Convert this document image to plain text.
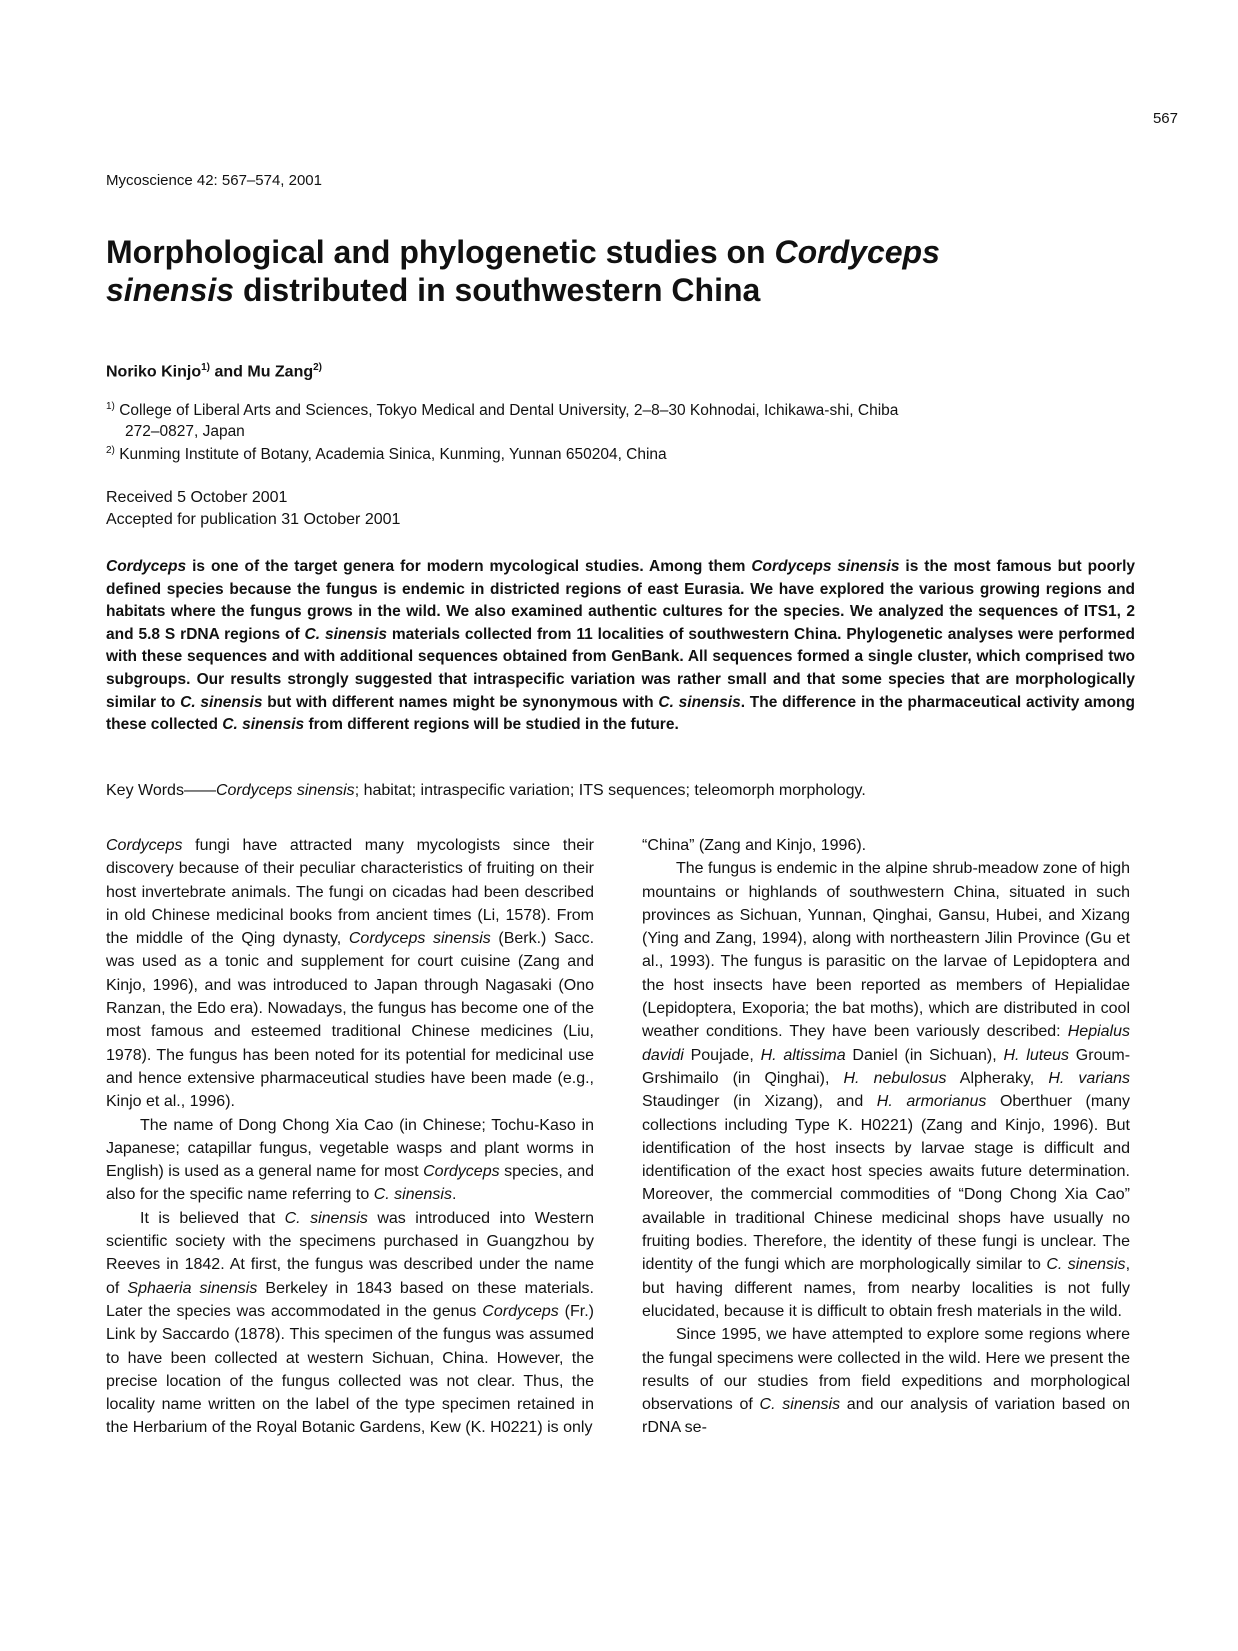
567
Mycoscience 42: 567–574, 2001
Morphological and phylogenetic studies on Cordyceps
sinensis distributed in southwestern China
Noriko Kinjo$^{1)}$ and Mu Zang$^{2)}$
$^{1)}$ College of Liberal Arts and Sciences, Tokyo Medical and Dental University, 2–8–30 Kohnodai, Ichikawa-shi, Chiba
272–0827, Japan
$^{2)}$ Kunming Institute of Botany, Academia Sinica, Kunming, Yunnan 650204, China
Received 5 October 2001
Accepted for publication 31 October 2001
Cordyceps is one of the target genera for modern mycological studies. Among them Cordyceps sinensis is the most famous but poorly defined species because the fungus is endemic in districted regions of east Eurasia. We have explored the various growing regions and habitats where the fungus grows in the wild. We also examined authentic cultures for the species. We analyzed the sequences of ITS1, 2 and 5.8 S rDNA regions of C. sinensis materials collected from 11 localities of southwestern China. Phylogenetic analyses were performed with these sequences and with additional sequences obtained from GenBank. All sequences formed a single cluster, which comprised two subgroups. Our results strongly suggested that intraspecific variation was rather small and that some species that are morphologically similar to C. sinensis but with different names might be synonymous with C. sinensis. The difference in the pharmaceutical activity among these collected C. sinensis from different regions will be studied in the future.
Key Words——Cordyceps sinensis; habitat; intraspecific variation; ITS sequences; teleomorph morphology.

Cordyceps fungi have attracted many mycologists since their discovery because of their peculiar characteristics of fruiting on their host invertebrate animals. The fungi on cicadas had been described in old Chinese medicinal books from ancient times (Li, 1578). From the middle of the Qing dynasty, Cordyceps sinensis (Berk.) Sacc. was used as a tonic and supplement for court cuisine (Zang and Kinjo, 1996), and was introduced to Japan through Nagasaki (Ono Ranzan, the Edo era). Nowadays, the fungus has become one of the most famous and esteemed traditional Chinese medicines (Liu, 1978). The fungus has been noted for its potential for medicinal use and hence extensive pharmaceutical studies have been made (e.g., Kinjo et al., 1996).

The name of Dong Chong Xia Cao (in Chinese; Tochu-Kaso in Japanese; catapillar fungus, vegetable wasps and plant worms in English) is used as a general name for most Cordyceps species, and also for the specific name referring to C. sinensis.

It is believed that C. sinensis was introduced into Western scientific society with the specimens purchased in Guangzhou by Reeves in 1842. At first, the fungus was described under the name of Sphaeria sinensis Berkeley in 1843 based on these materials. Later the species was accommodated in the genus Cordyceps (Fr.) Link by Saccardo (1878). This specimen of the fungus was assumed to have been collected at western Sichuan, China. However, the precise location of the fungus collected was not clear. Thus, the locality name written on the label of the type specimen retained in the Herbarium of the Royal Botanic Gardens, Kew (K. H0221) is only

“China” (Zang and Kinjo, 1996).

The fungus is endemic in the alpine shrub-meadow zone of high mountains or highlands of southwestern China, situated in such provinces as Sichuan, Yunnan, Qinghai, Gansu, Hubei, and Xizang (Ying and Zang, 1994), along with northeastern Jilin Province (Gu et al., 1993). The fungus is parasitic on the larvae of Lepidoptera and the host insects have been reported as members of Hepialidae (Lepidoptera, Exoporia; the bat moths), which are distributed in cool weather conditions. They have been variously described: Hepialus davidi Poujade, H. altissima Daniel (in Sichuan), H. luteus Groum-Grshimailo (in Qinghai), H. nebulosus Alpheraky, H. varians Staudinger (in Xizang), and H. armorianus Oberthuer (many collections including Type K. H0221) (Zang and Kinjo, 1996). But identification of the host insects by larvae stage is difficult and identification of the exact host species awaits future determination. Moreover, the commercial commodities of “Dong Chong Xia Cao” available in traditional Chinese medicinal shops have usually no fruiting bodies. Therefore, the identity of these fungi is unclear. The identity of the fungi which are morphologically similar to C. sinensis, but having different names, from nearby localities is not fully elucidated, because it is difficult to obtain fresh materials in the wild.

Since 1995, we have attempted to explore some regions where the fungal specimens were collected in the wild. Here we present the results of our studies from field expeditions and morphological observations of C. sinensis and our analysis of variation based on rDNA se-
